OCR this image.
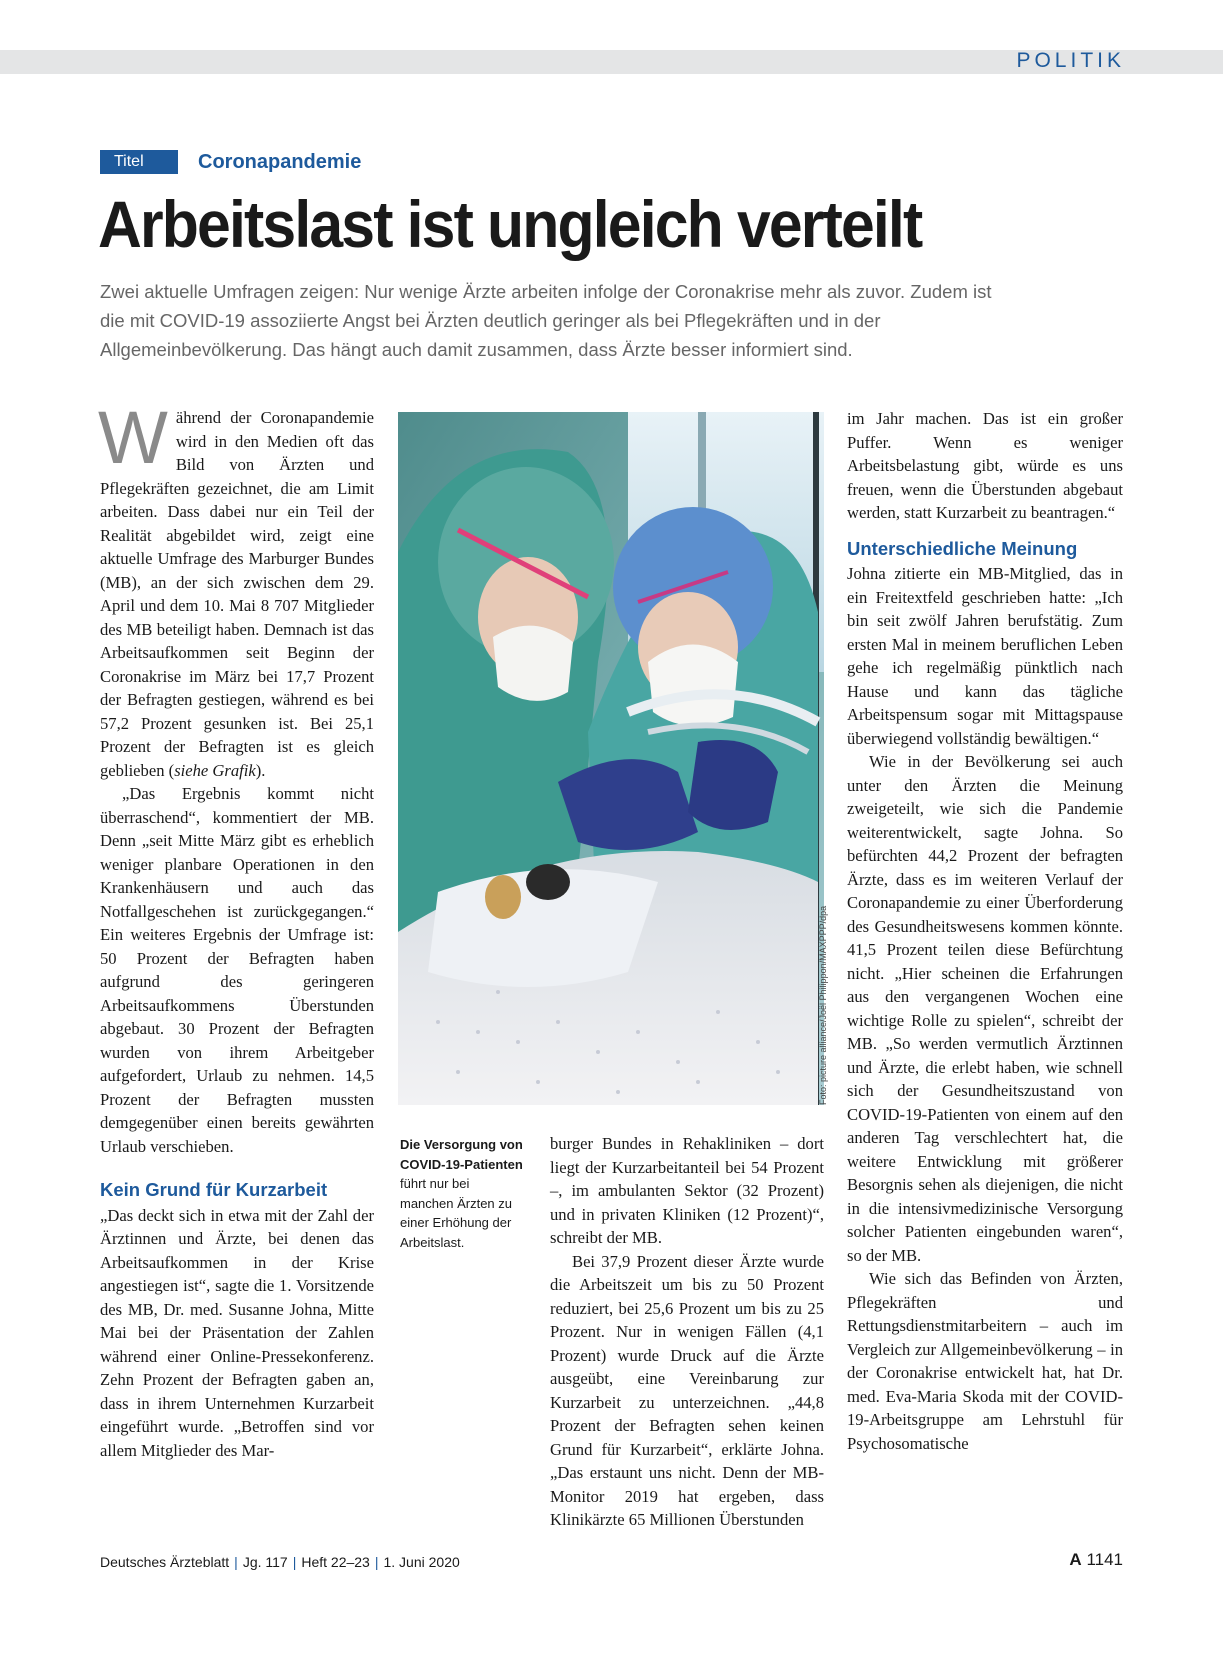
POLITIK
Titel	Coronapandemie
Arbeitslast ist ungleich verteilt

Zwei aktuelle Umfragen zeigen: Nur wenige Ärzte arbeiten infolge der Coronakrise mehr als zuvor. Zudem ist die mit COVID-19 assoziierte Angst bei Ärzten deutlich geringer als bei Pflegekräften und in der Allgemeinbevölkerung. Das hängt auch damit zusammen, dass Ärzte besser informiert sind.

Während der Coronapandemie wird in den Medien oft das Bild von Ärzten und Pflegekräften gezeichnet, die am Limit arbeiten. Dass dabei nur ein Teil der Realität abgebildet wird, zeigt eine aktuelle Umfrage des Marburger Bundes (MB), an der sich zwischen dem 29. April und dem 10. Mai 8 707 Mitglieder des MB beteiligt haben. Demnach ist das Arbeitsaufkommen seit Beginn der Coronakrise im März bei 17,7 Prozent der Befragten gestiegen, während es bei 57,2 Prozent gesunken ist. Bei 25,1 Prozent der Befragten ist es gleich geblieben (siehe Grafik).

„Das Ergebnis kommt nicht überraschend“, kommentiert der MB. Denn „seit Mitte März gibt es erheblich weniger planbare Operationen in den Krankenhäusern und auch das Notfallgeschehen ist zurückgegangen.“ Ein weiteres Ergebnis der Umfrage ist: 50 Prozent der Befragten haben aufgrund des geringeren Arbeitsaufkommens Überstunden abgebaut. 30 Prozent der Befragten wurden von ihrem Arbeitgeber aufgefordert, Urlaub zu nehmen. 14,5 Prozent der Befragten mussten demgegenüber einen bereits gewährten Urlaub verschieben.

Kein Grund für Kurzarbeit

„Das deckt sich in etwa mit der Zahl der Ärztinnen und Ärzte, bei denen das Arbeitsaufkommen in der Krise angestiegen ist“, sagte die 1. Vorsitzende des MB, Dr. med. Susanne Johna, Mitte Mai bei der Präsentation der Zahlen während einer Online-Pressekonferenz. Zehn Prozent der Befragten gaben an, dass in ihrem Unternehmen Kurzarbeit eingeführt wurde. „Betroffen sind vor allem Mitglieder des Mar-

Foto: picture alliance/Joël Philippon/MAXPPP/dpa
Die Versorgung von COVID-19-Patienten führt nur bei manchen Ärzten zu einer Erhöhung der Arbeitslast.

burger Bundes in Rehakliniken – dort liegt der Kurzarbeitanteil bei 54 Prozent –, im ambulanten Sektor (32 Prozent) und in privaten Kliniken (12 Prozent)“, schreibt der MB.

Bei 37,9 Prozent dieser Ärzte wurde die Arbeitszeit um bis zu 50 Prozent reduziert, bei 25,6 Prozent um bis zu 25 Prozent. Nur in wenigen Fällen (4,1 Prozent) wurde Druck auf die Ärzte ausgeübt, eine Vereinbarung zur Kurzarbeit zu unterzeichnen. „44,8 Prozent der Befragten sehen keinen Grund für Kurzarbeit“, erklärte Johna. „Das erstaunt uns nicht. Denn der MB-Monitor 2019 hat ergeben, dass Klinikärzte 65 Millionen Überstunden

im Jahr machen. Das ist ein großer Puffer. Wenn es weniger Arbeitsbelastung gibt, würde es uns freuen, wenn die Überstunden abgebaut werden, statt Kurzarbeit zu beantragen.“

Unterschiedliche Meinung

Johna zitierte ein MB-Mitglied, das in ein Freitextfeld geschrieben hatte: „Ich bin seit zwölf Jahren berufstätig. Zum ersten Mal in meinem beruflichen Leben gehe ich regelmäßig pünktlich nach Hause und kann das tägliche Arbeitspensum sogar mit Mittagspause überwiegend vollständig bewältigen.“

Wie in der Bevölkerung sei auch unter den Ärzten die Meinung zweigeteilt, wie sich die Pandemie weiterentwickelt, sagte Johna. So befürchten 44,2 Prozent der befragten Ärzte, dass es im weiteren Verlauf der Coronapandemie zu einer Überforderung des Gesundheitswesens kommen könnte. 41,5 Prozent teilen diese Befürchtung nicht. „Hier scheinen die Erfahrungen aus den vergangenen Wochen eine wichtige Rolle zu spielen“, schreibt der MB. „So werden vermutlich Ärztinnen und Ärzte, die erlebt haben, wie schnell sich der Gesundheitszustand von COVID-19-Patienten von einem auf den anderen Tag verschlechtert hat, die weitere Entwicklung mit größerer Besorgnis sehen als diejenigen, die nicht in die intensivmedizinische Versorgung solcher Patienten eingebunden waren“, so der MB.

Wie sich das Befinden von Ärzten, Pflegekräften und Rettungsdienstmitarbeitern – auch im Vergleich zur Allgemeinbevölkerung – in der Coronakrise entwickelt hat, hat Dr. med. Eva-Maria Skoda mit der COVID-19-Arbeitsgruppe am Lehrstuhl für Psychosomatische

Deutsches Ärzteblatt | Jg. 117 | Heft 22–23 | 1. Juni 2020	A 1141
